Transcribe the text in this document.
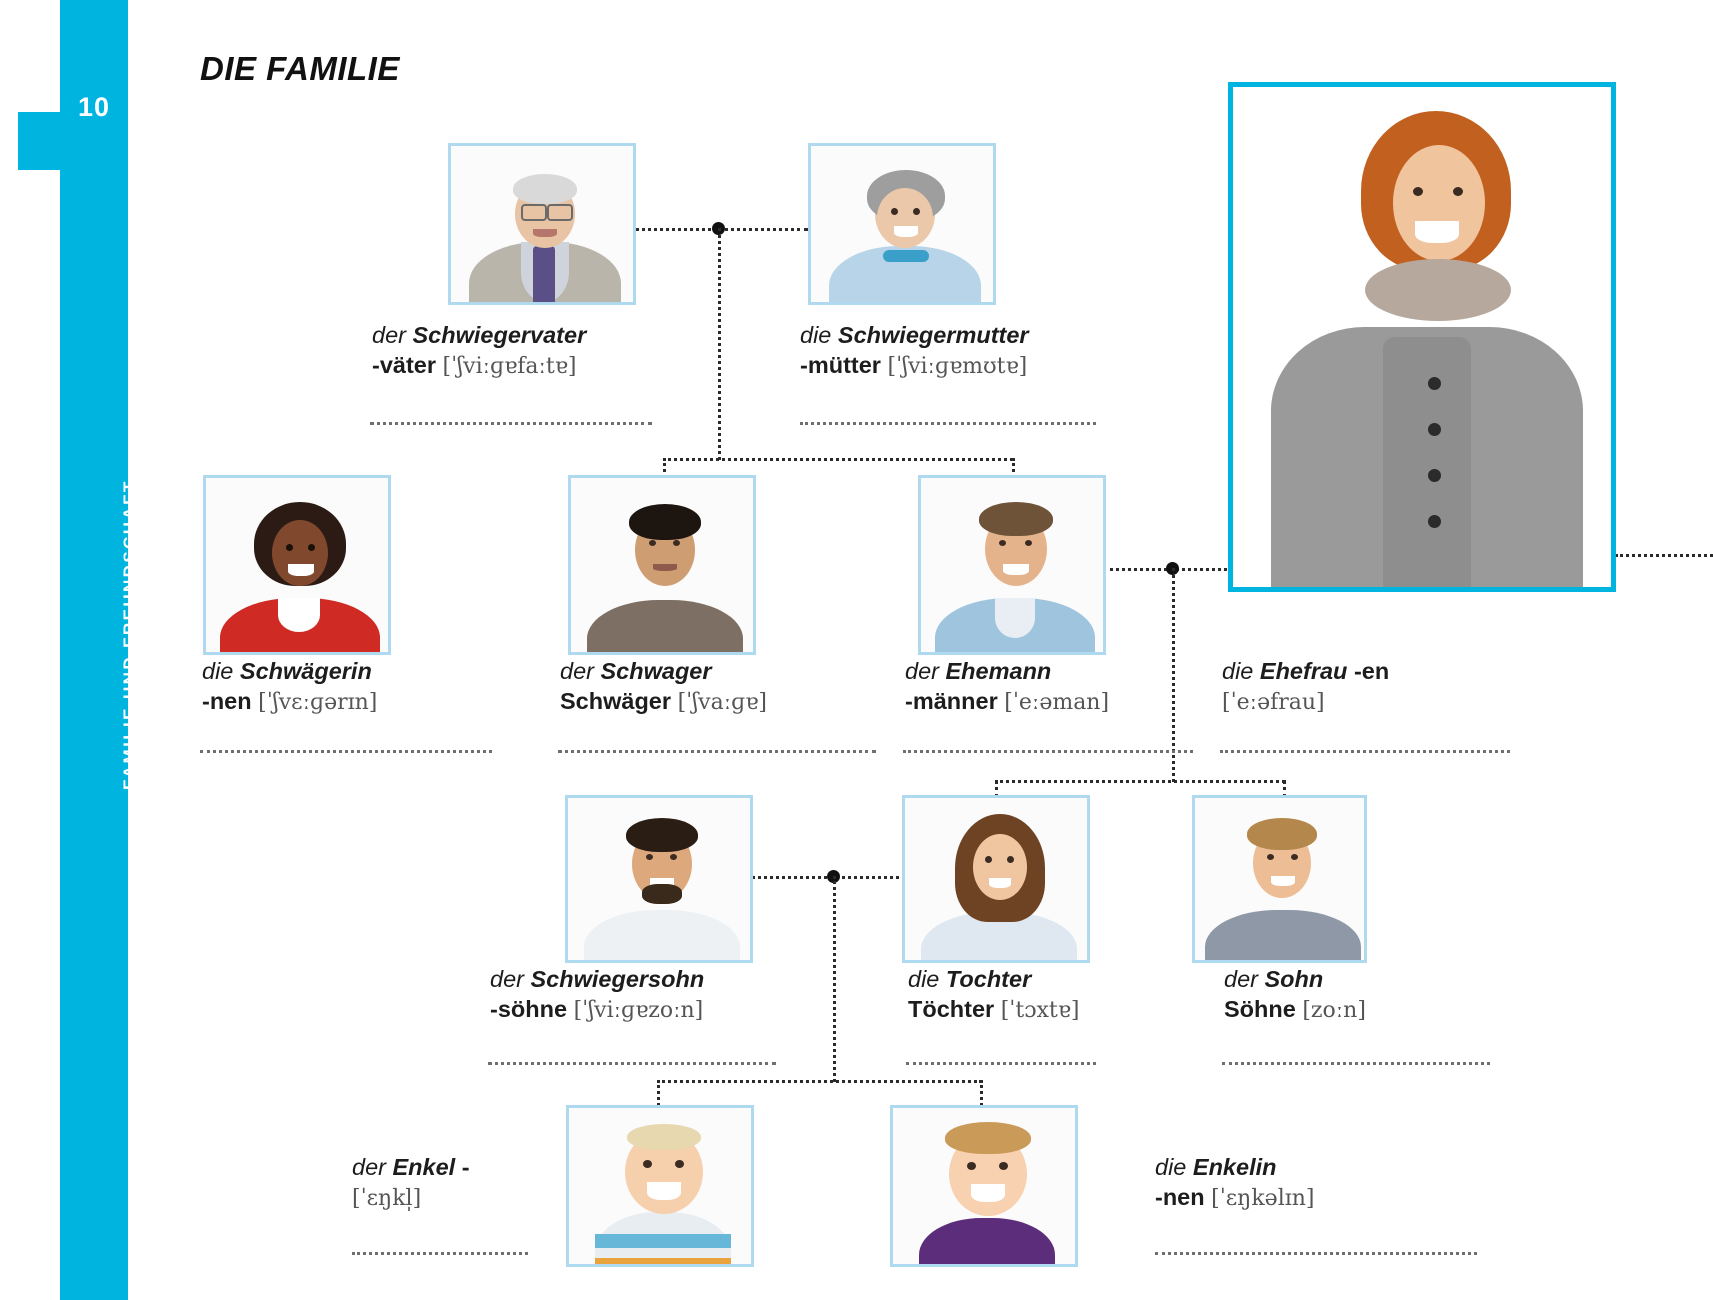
10
FAMILIE UND FREUNDSCHAFT
DIE FAMILIE
der Schwiegervater
-väter [ˈʃviːɡɐfaːtɐ]
die Schwiegermutter
-mütter [ˈʃviːɡɐmʊtɐ]
die Schwägerin
-nen [ˈʃvɛːɡərɪn]
der Schwager
Schwäger [ˈʃvaːɡɐ]
der Ehemann
-männer [ˈeːəman]
die Ehefrau -en
[ˈeːəfrau]
der Schwiegersohn
-söhne [ˈʃviːɡɐzoːn]
die Tochter
Töchter [ˈtɔxtɐ]
der Sohn
Söhne [zoːn]
der Enkel -
[ˈɛŋkl̩]
die Enkelin
-nen [ˈɛŋkəlɪn]
